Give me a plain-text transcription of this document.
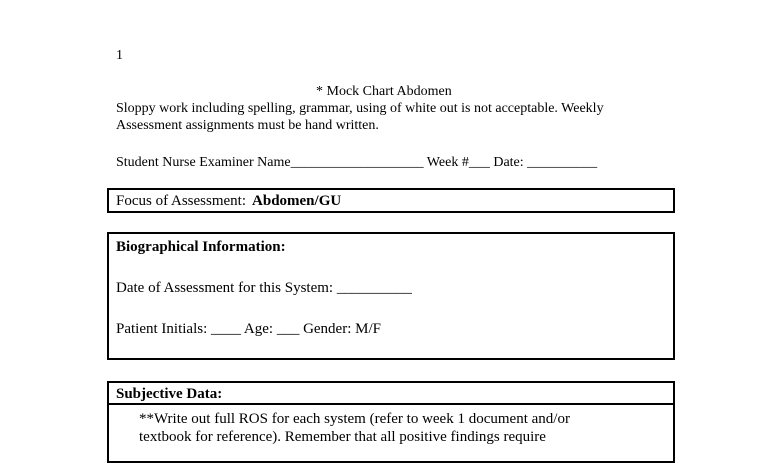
1
* Mock Chart Abdomen
Sloppy work including spelling, grammar, using of white out is not acceptable. Weekly
Assessment assignments must be hand written.
Student Nurse Examiner Name___________________ Week #___ Date: __________
Focus of Assessment: Abdomen/GU
Biographical Information:
Date of Assessment for this System: __________
Patient Initials: ____ Age: ___ Gender: M/F
Subjective Data:
**Write out full ROS for each system (refer to week 1 document and/or
textbook for reference). Remember that all positive findings require
